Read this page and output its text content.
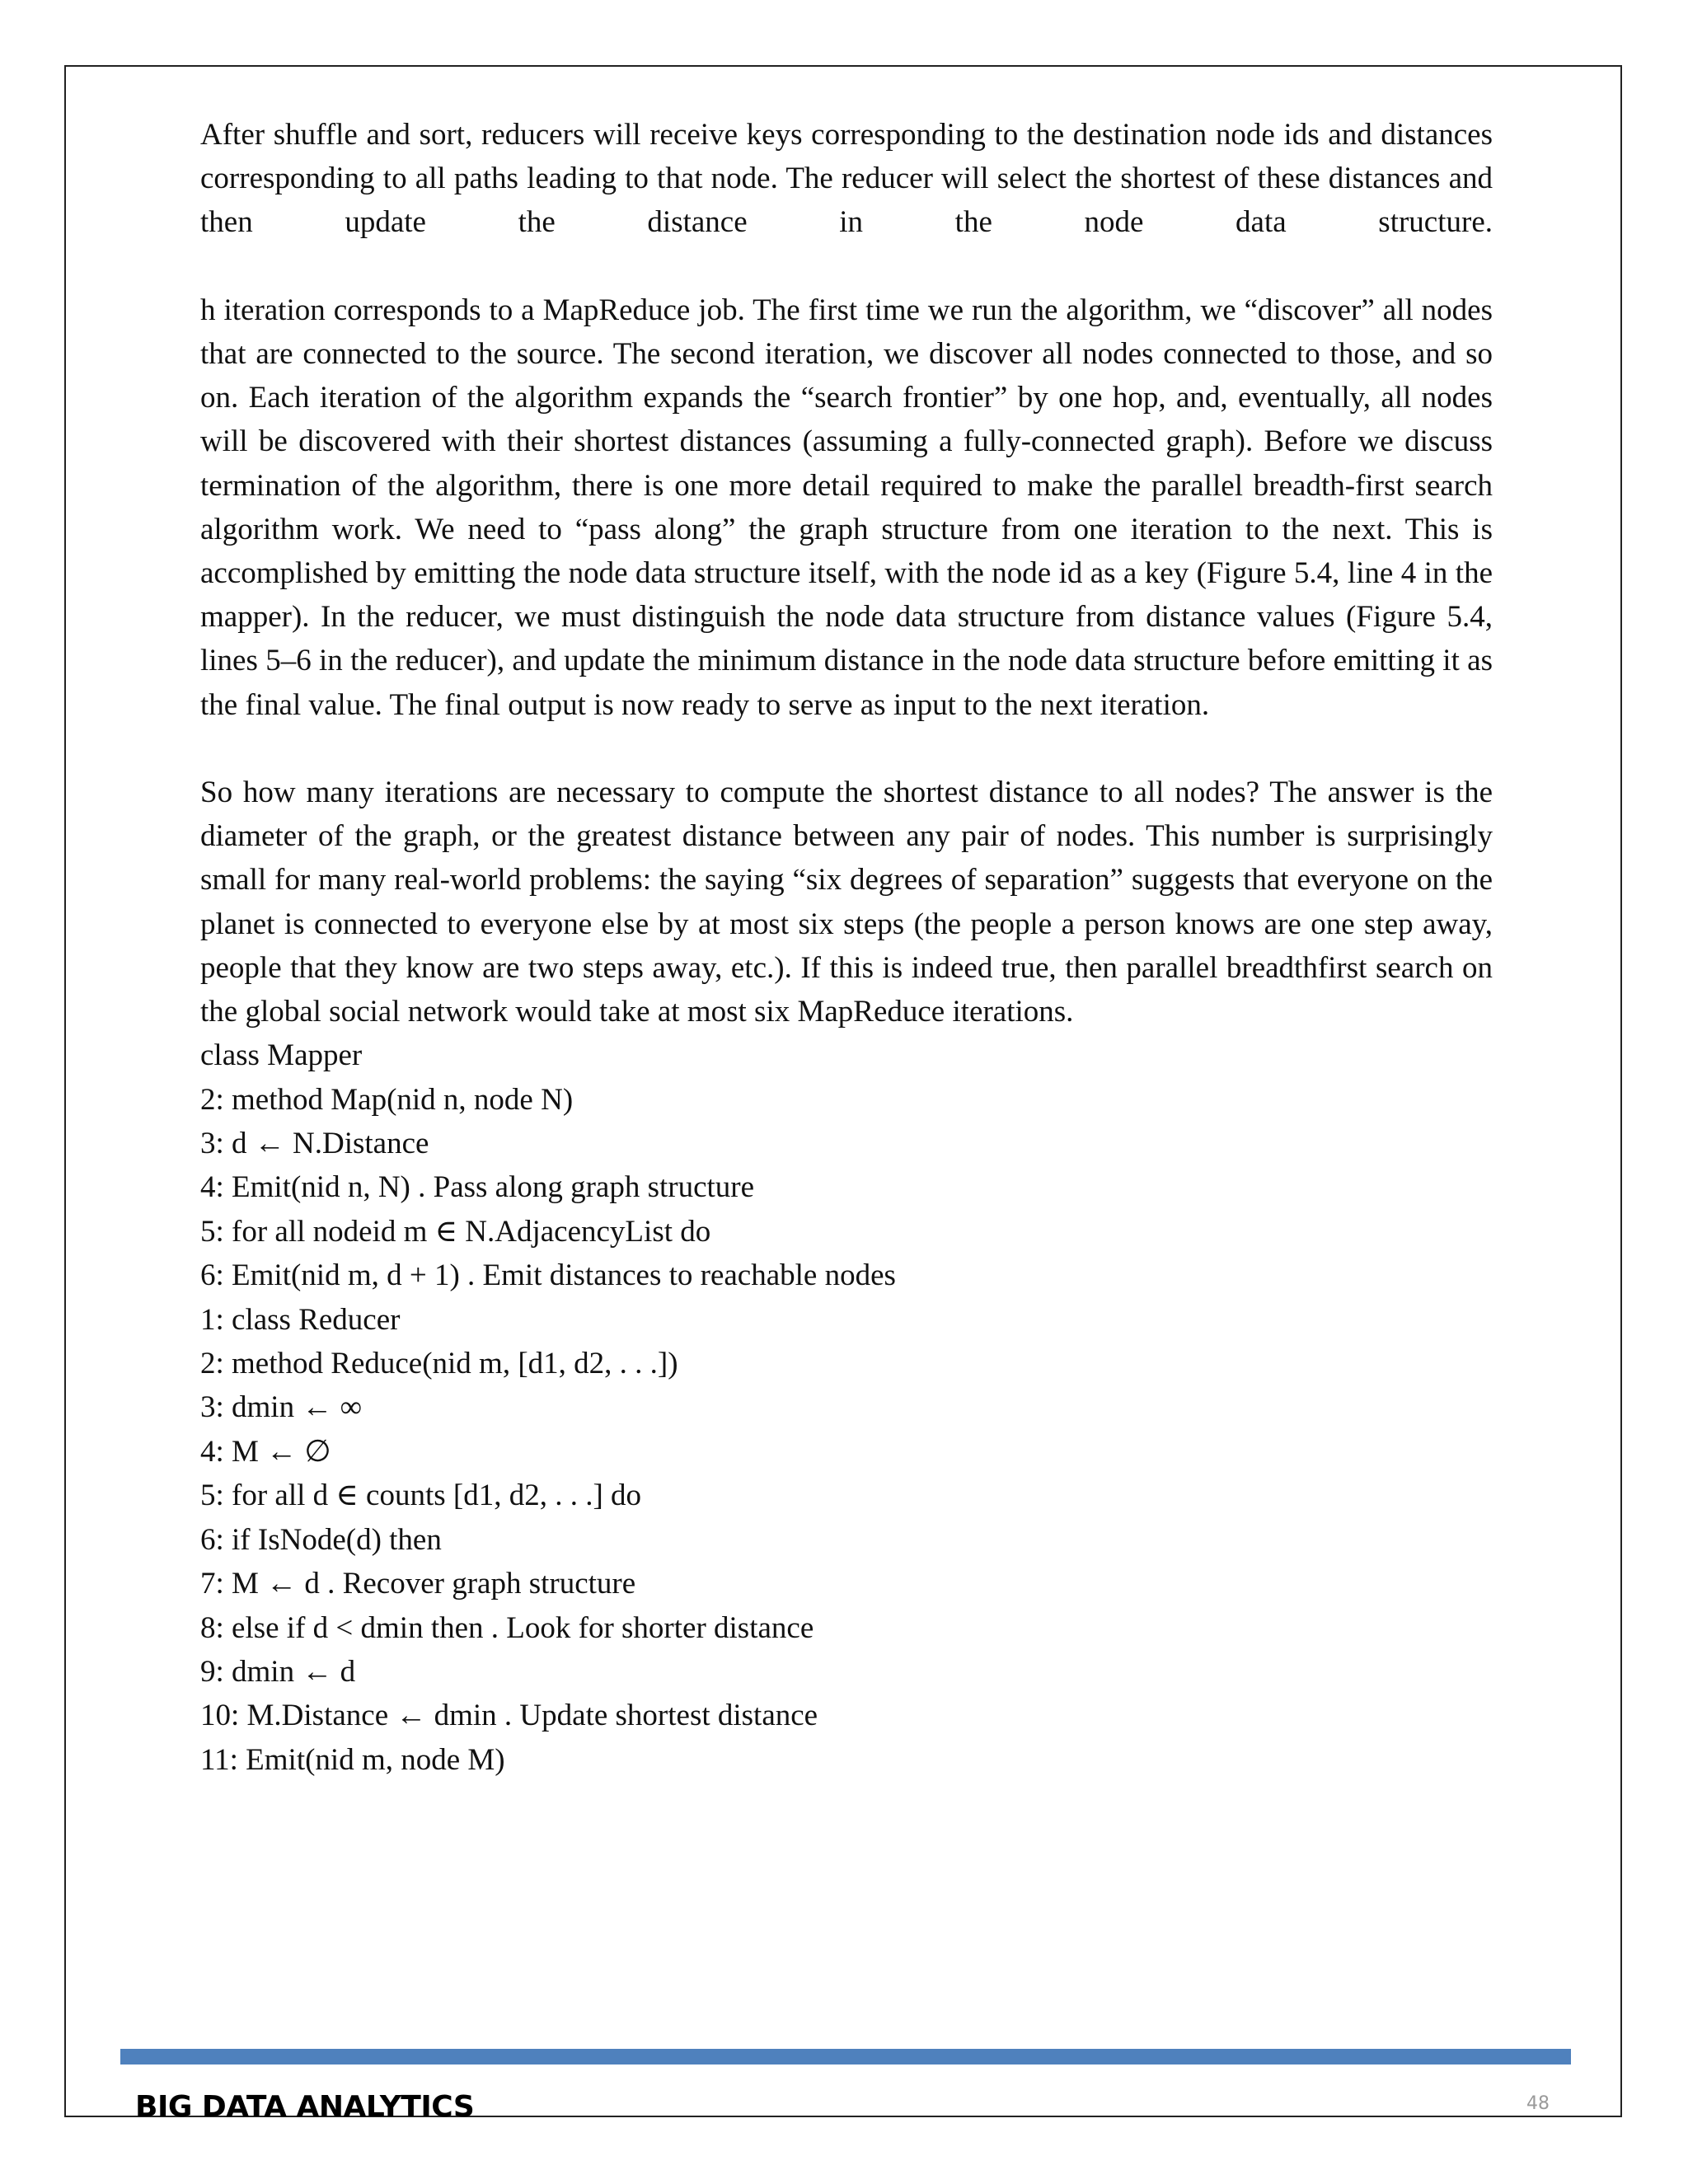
After shuffle and sort, reducers will receive keys corresponding to the destination node ids and distances corresponding to all paths leading to that node. The reducer will select the shortest of these distances and then update the distance in the node data structure.

h iteration corresponds to a MapReduce job. The first time we run the algorithm, we “discover” all nodes that are connected to the source. The second iteration, we discover all nodes connected to those, and so on. Each iteration of the algorithm expands the “search frontier” by one hop, and, eventually, all nodes will be discovered with their shortest distances (assuming a fully-connected graph). Before we discuss termination of the algorithm, there is one more detail required to make the parallel breadth-first search algorithm work. We need to “pass along” the graph structure from one iteration to the next. This is accomplished by emitting the node data structure itself, with the node id as a key (Figure 5.4, line 4 in the mapper). In the reducer, we must distinguish the node data structure from distance values (Figure 5.4, lines 5–6 in the reducer), and update the minimum distance in the node data structure before emitting it as the final value. The final output is now ready to serve as input to the next iteration.

So how many iterations are necessary to compute the shortest distance to all nodes? The answer is the diameter of the graph, or the greatest distance between any pair of nodes. This number is surprisingly small for many real-world problems: the saying “six degrees of separation” suggests that everyone on the planet is connected to everyone else by at most six steps (the people a person knows are one step away, people that they know are two steps away, etc.). If this is indeed true, then parallel breadthfirst search on the global social network would take at most six MapReduce iterations.

class Mapper
2: method Map(nid n, node N)
3: d ← N.Distance
4: Emit(nid n, N) . Pass along graph structure
5: for all nodeid m ∈ N.AdjacencyList do
6: Emit(nid m, d + 1) . Emit distances to reachable nodes
1: class Reducer
2: method Reduce(nid m, [d1, d2, . . .])
3: dmin ← ∞
4: M ← ∅
5: for all d ∈ counts [d1, d2, . . .] do
6: if IsNode(d) then
7: M ← d . Recover graph structure
8: else if d < dmin then . Look for shorter distance
9: dmin ← d
10: M.Distance ← dmin . Update shortest distance
11: Emit(nid m, node M)
BIG DATA ANALYTICS	48
